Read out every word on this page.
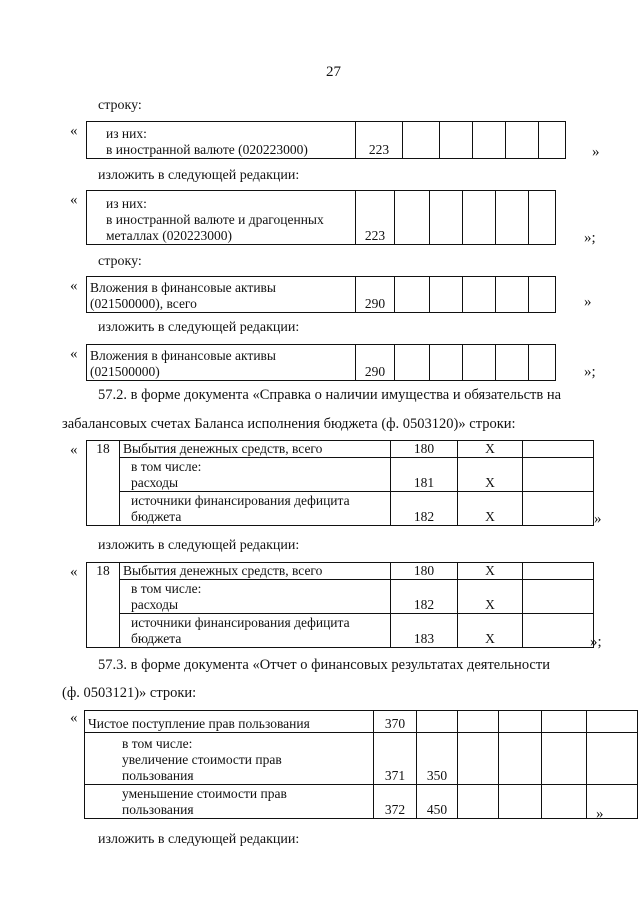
27
строку:
«	из них:
в иностранной валюте (020223000)	223						»
изложить в следующей редакции:
«	из них:
в иностранной валюте и драгоценных
металлах (020223000)	223						»;
строку:
« Вложения в финансовые активы
(021500000), всего	290						»
изложить в следующей редакции:
« Вложения в финансовые активы
(021500000)	290						»;
57.2. в форме документа «Справка о наличии имущества и обязательств на
забалансовых счетах Баланса исполнения бюджета (ф. 0503120)» строки:
« 18	Выбытия денежных средств, всего	180	X	

	в том числе:
расходы	181	X	

	источники финансирования дефицита
бюджета	182	X		»
изложить в следующей редакции:
« 18	Выбытия денежных средств, всего	180	X	

	в том числе:
расходы	182	X	

	источники финансирования дефицита
бюджета	183	X		»;
57.3. в форме документа «Отчет о финансовых результатах деятельности
(ф. 0503121)» строки:
« Чистое поступление прав пользования	370					

в том числе:
увеличение стоимости прав
пользования	371	350				

уменьшение стоимости прав
пользования	372	450					»
изложить в следующей редакции:
